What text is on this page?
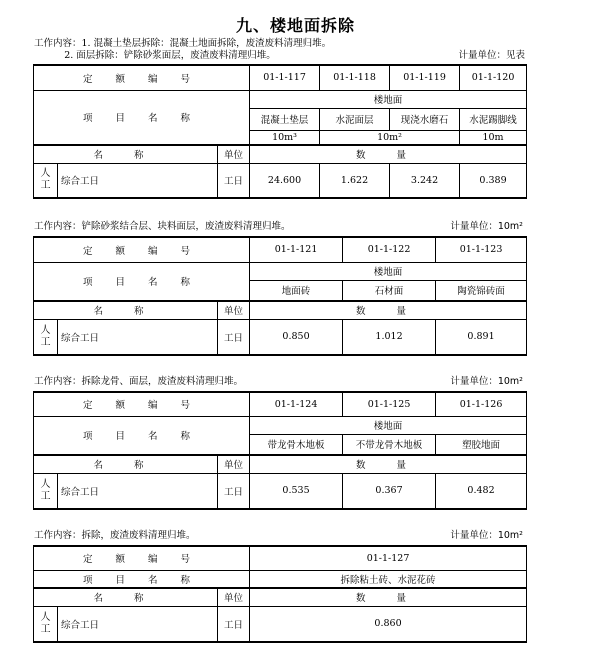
九、楼地面拆除
工作内容：1. 混凝土垫层拆除：混凝土地面拆除，废渣废料清理归堆。
2. 面层拆除：铲除砂浆面层，废渣废料清理归堆。	计量单位：见表
定 额 编 号			01-1-117	01-1-118	01-1-119	01-1-120
项 目 名 称			楼地面			
			混凝土垫层	水泥面层	现浇水磨石	水泥踢脚线
			10m³	10m²		10m
名 称		单位	数 量			
人
工	综合工日	工日	24.600	1.622	3.242	0.389
工作内容：铲除砂浆结合层、块料面层，废渣废料清理归堆。	计量单位：10m²
定 额 编 号			01-1-121	01-1-122	01-1-123
项 目 名 称			楼地面		
			地面砖	石材面	陶瓷锦砖面
名 称		单位	数 量		
人
工	综合工日	工日	0.850	1.012	0.891
工作内容：拆除龙骨、面层，废渣废料清理归堆。	计量单位：10m²
定 额 编 号			01-1-124	01-1-125	01-1-126
项 目 名 称			楼地面		
			带龙骨木地板	不带龙骨木地板	塑胶地面
名 称		单位	数 量		
人
工	综合工日	工日	0.535	0.367	0.482
工作内容：拆除，废渣废料清理归堆。	计量单位：10m²
定 额 编 号			01-1-127
项 目 名 称			拆除粘土砖、水泥花砖
名 称		单位	数 量
人
工	综合工日	工日	0.860
